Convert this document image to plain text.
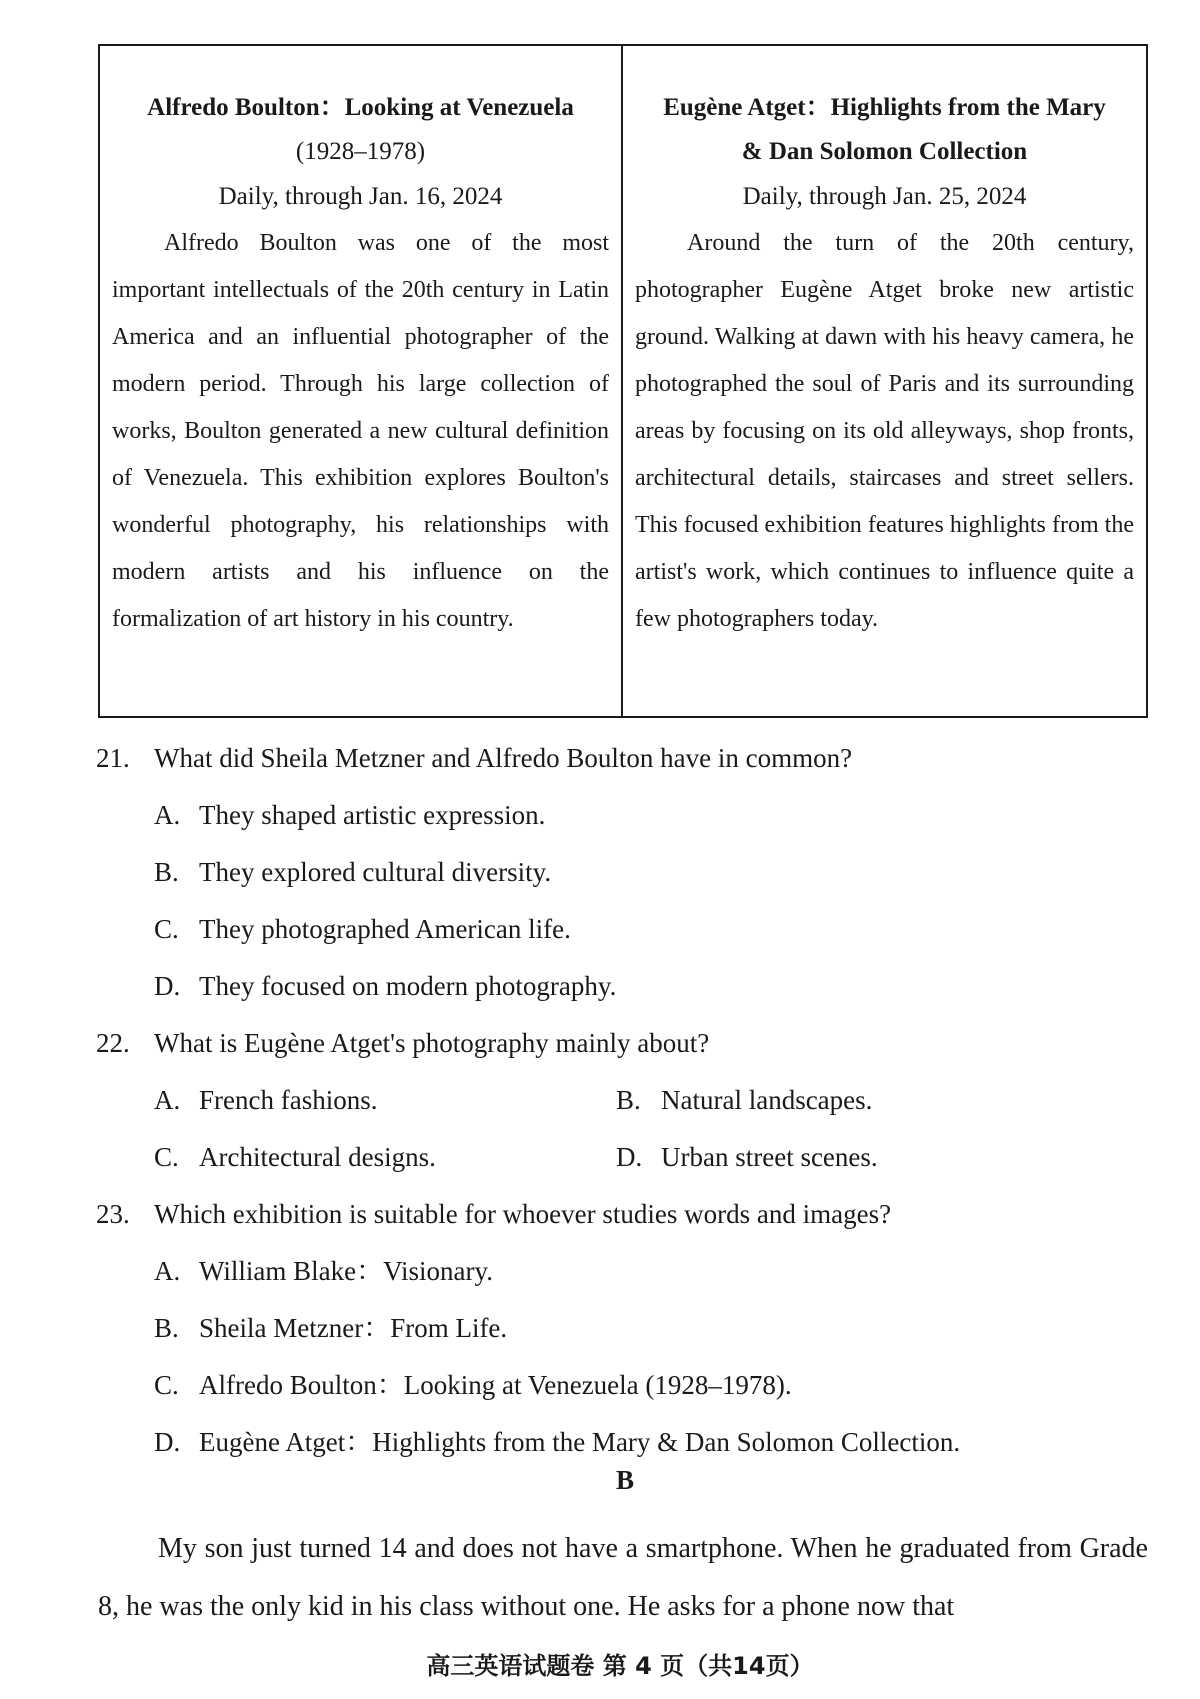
Alfredo Boulton：Looking at Venezuela
(1928–1978)
Daily, through Jan. 16, 2024

Alfredo Boulton was one of the most important intellectuals of the 20th century in Latin America and an influential photographer of the modern period. Through his large collection of works, Boulton generated a new cultural definition of Venezuela. This exhibition explores Boulton's wonderful photography, his relationships with modern artists and his influence on the formalization of art history in his country.

Eugène Atget：Highlights from the Mary
& Dan Solomon Collection
Daily, through Jan. 25, 2024

Around the turn of the 20th century, photographer Eugène Atget broke new artistic ground. Walking at dawn with his heavy camera, he photographed the soul of Paris and its surrounding areas by focusing on its old alleyways, shop fronts, architectural details, staircases and street sellers. This focused exhibition features highlights from the artist's work, which continues to influence quite a few photographers today.

21. What did Sheila Metzner and Alfredo Boulton have in common?
A. They shaped artistic expression.
B. They explored cultural diversity.
C. They photographed American life.
D. They focused on modern photography.
22. What is Eugène Atget's photography mainly about?
A. French fashions.	B. Natural landscapes.
C. Architectural designs.	D. Urban street scenes.
23. Which exhibition is suitable for whoever studies words and images?
A. William Blake：Visionary.
B. Sheila Metzner：From Life.
C. Alfredo Boulton：Looking at Venezuela (1928–1978).
D. Eugène Atget：Highlights from the Mary & Dan Solomon Collection.
B

My son just turned 14 and does not have a smartphone. When he graduated from Grade 8, he was the only kid in his class without one. He asks for a phone now that

高三英语试题卷 第 4 页（共14页）
